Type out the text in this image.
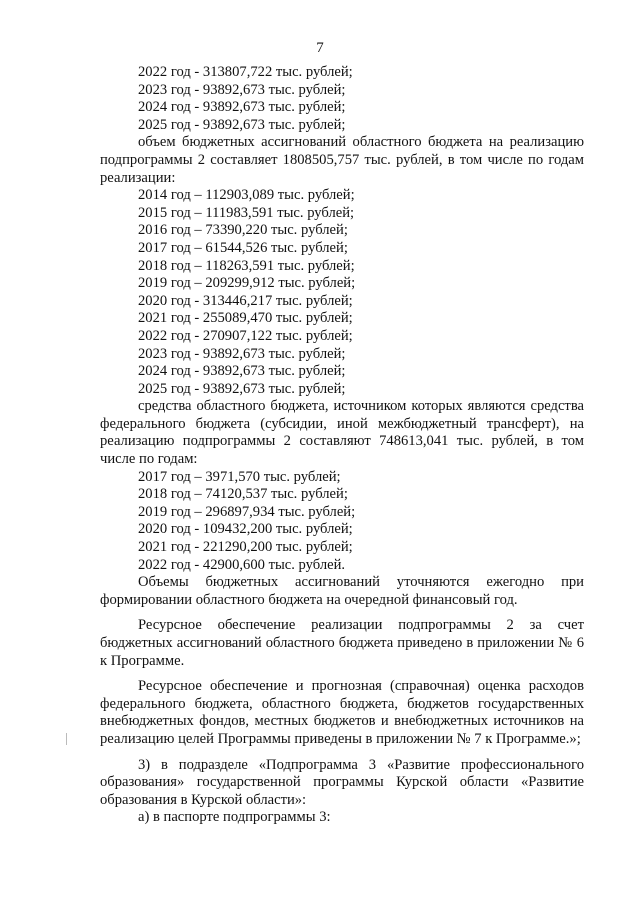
7
2022 год - 313807,722 тыс. рублей;
2023 год - 93892,673 тыс. рублей;
2024 год - 93892,673 тыс. рублей;
2025 год - 93892,673 тыс. рублей;
объем бюджетных ассигнований областного бюджета на реализацию подпрограммы 2 составляет 1808505,757 тыс. рублей, в том числе по годам реализации:
2014 год – 112903,089 тыс. рублей;
2015 год – 111983,591 тыс. рублей;
2016 год – 73390,220 тыс. рублей;
2017 год – 61544,526 тыс. рублей;
2018 год – 118263,591 тыс. рублей;
2019 год – 209299,912 тыс. рублей;
2020 год - 313446,217 тыс. рублей;
2021 год - 255089,470 тыс. рублей;
2022 год - 270907,122 тыс. рублей;
2023 год - 93892,673 тыс. рублей;
2024 год - 93892,673 тыс. рублей;
2025 год - 93892,673 тыс. рублей;
средства областного бюджета, источником которых являются средства федерального бюджета (субсидии, иной межбюджетный трансферт), на реализацию подпрограммы 2 составляют 748613,041 тыс. рублей, в том числе по годам:
2017 год – 3971,570 тыс. рублей;
2018 год – 74120,537 тыс. рублей;
2019 год – 296897,934 тыс. рублей;
2020 год - 109432,200 тыс. рублей;
2021 год - 221290,200 тыс. рублей;
2022 год - 42900,600 тыс. рублей.
Объемы бюджетных ассигнований уточняются ежегодно при формировании областного бюджета на очередной финансовый год.
Ресурсное обеспечение реализации подпрограммы 2 за счет бюджетных ассигнований областного бюджета приведено в приложении № 6 к Программе.
Ресурсное обеспечение и прогнозная (справочная) оценка расходов федерального бюджета, областного бюджета, бюджетов государственных внебюджетных фондов, местных бюджетов и внебюджетных источников на реализацию целей Программы приведены в приложении № 7 к Программе.»;
3) в подразделе «Подпрограмма 3 «Развитие профессионального образования» государственной программы Курской области «Развитие образования в Курской области»:
а) в паспорте подпрограммы 3:
